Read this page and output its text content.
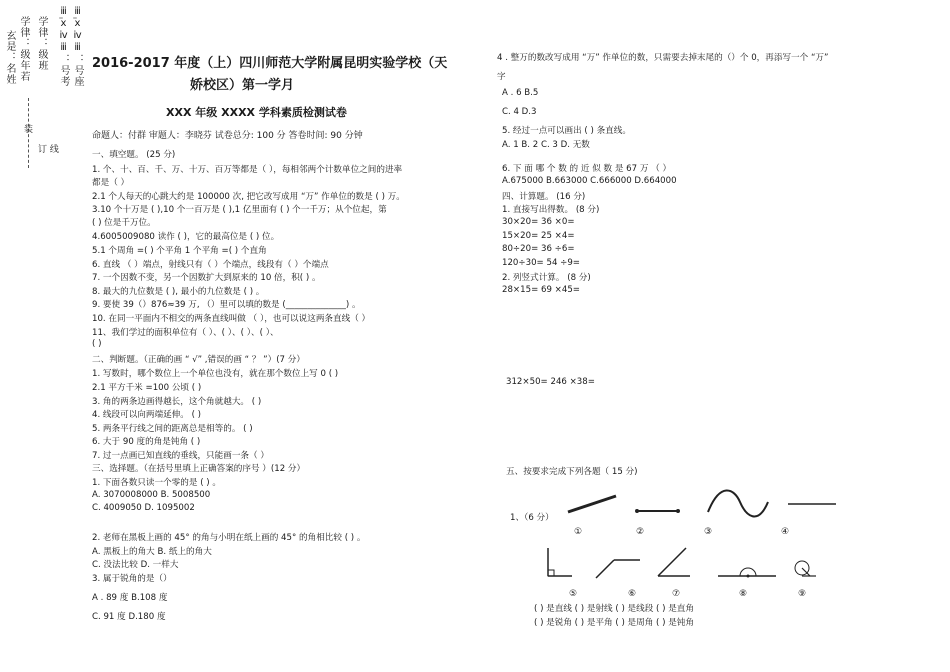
玄是：名姓 学律：级年若 学律：级班 ⅲ̈ⅹⅳⅲ：号考 ⅲ̈ⅹⅳⅲ：号座
装
订 线
2016-2017 年度（上）四川师范大学附属昆明实验学校（天
娇校区）第一学月
XXX 年级 XXXX 学科素质检测试卷
命题人：付群 审题人：李晓芬 试卷总分: 100 分 答卷时间: 90 分钟
一、填空题。 (25 分)
1. 个、十、百、千、万、十万、百万等都是（ ），每相邻两个计数单位之间的进率
都是（ ）
2.1 个人每天的心跳大约是 100000 次, 把它改写成用 “万” 作单位的数是 ( ) 万。
3.10 个十万是 ( ),10 个一百万是 ( ),1 亿里面有 ( ) 个一千万；从个位起，第
( ) 位是千万位。
4.6005009080 读作 ( )，它的最高位是 ( ) 位。
5.1 个周角 =( ) 个平角 1 个平角 =( ) 个直角
6. 直线 （ ）端点，射线只有（ ）个端点，线段有（ ）个端点
7. 一个因数不变，另一个因数扩大到原来的 10 倍，积( ) 。
8. 最大的九位数是 ( ), 最小的九位数是 ( ) 。
9. 要使 39（）876≈39 万, （）里可以填的数是 (______________) 。
10. 在同一平面内不相交的两条直线叫做 （ ），也可以说这两条直线（ ）
11、我们学过的面积单位有（ ）、( ）、( ）、( ）、
( )
二、判断题。（正确的画 “ √” ,错误的画 “ ？ ”）(7 分）
1. 写数时，哪个数位上一个单位也没有，就在那个数位上写 0 ( )
2.1 平方千米 =100 公顷 ( )
3. 角的两条边画得越长，这个角就越大。 ( )
4. 线段可以向两端延伸。 ( )
5. 两条平行线之间的距离总是相等的。 ( )
6. 大于 90 度的角是钝角 ( )
7. 过一点画已知直线的垂线，只能画一条（ ）
三、选择题。（在括号里填上正确答案的序号 ）(12 分）
1. 下面各数只读一个零的是 ( ) 。
A. 3070008000 B. 5008500
C. 4009050 D. 1095002
2. 老师在黑板上画的 45° 的角与小明在纸上画的 45° 的角相比较 ( ) 。
A. 黑板上的角大 B. 纸上的角大
C. 没法比较 D. 一样大
3. 属于锐角的是（）
A . 89 度 B.108 度
C. 91 度 D.180 度
4 . 整万的数改写成用 “万” 作单位的数，只需要去掉末尾的（）个 0，再添写一个 “万”
字
A . 6 B.5
C. 4 D.3
5. 经过一点可以画出 ( ) 条直线。
A. 1 B. 2 C. 3 D. 无数
6. 下 面 哪 个 数 的 近 似 数 是 67 万 （ ）
A.675000 B.663000 C.666000 D.664000
四、计算题。 (16 分)
1. 直接写出得数。 (8 分)
30×20= 36 ×0=
15×20= 25 ×4=
80÷20= 36 ÷6=
120÷30= 54 ÷9=
2. 列竖式计算。 (8 分)
28×15= 69 ×45=
312×50= 246 ×38=
五、按要求完成下列各题（ 15 分)
1、（6 分）
①	②	③	④
⑤	⑥	⑦	⑧	⑨
( ) 是直线 ( ) 是射线 ( ) 是线段 ( ) 是直角
( ) 是锐角 ( ) 是平角 ( ) 是周角 ( ) 是钝角
